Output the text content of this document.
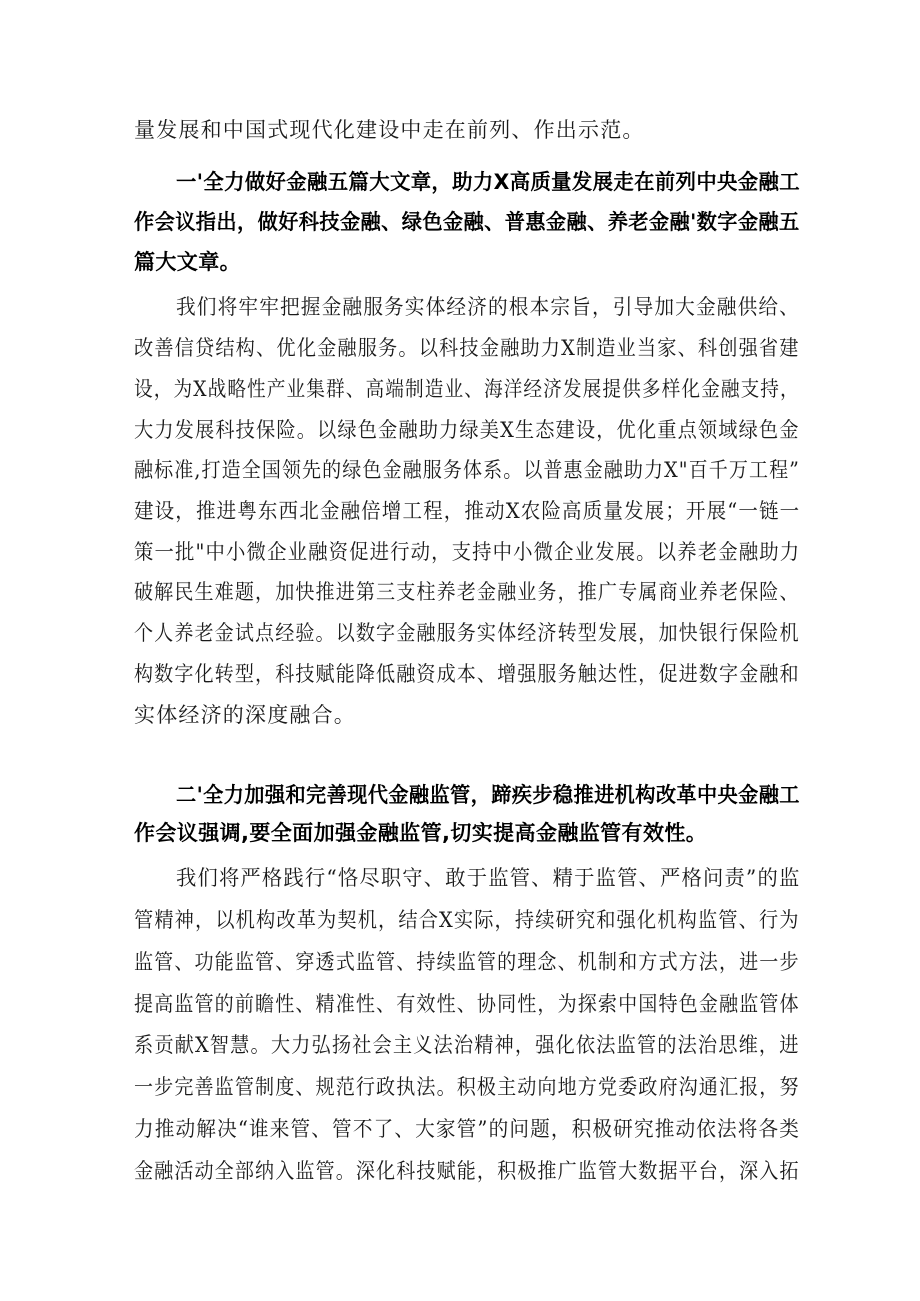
量发展和中国式现代化建设中走在前列、作出示范。
一'全力做好金融五篇大文章，助力X高质量发展走在前列中央金融工
作会议指出，做好科技金融、绿色金融、普惠金融、养老金融'数字金融五
篇大文章。
我们将牢牢把握金融服务实体经济的根本宗旨，引导加大金融供给、
改善信贷结构、优化金融服务。以科技金融助力X制造业当家、科创强省建
设，为X战略性产业集群、高端制造业、海洋经济发展提供多样化金融支持，
大力发展科技保险。以绿色金融助力绿美X生态建设，优化重点领域绿色金
融标准,打造全国领先的绿色金融服务体系。以普惠金融助力X"百千万工程”
建设，推进粤东西北金融倍增工程，推动X农险高质量发展；开展“一链一
策一批"中小微企业融资促进行动，支持中小微企业发展。以养老金融助力
破解民生难题，加快推进第三支柱养老金融业务，推广专属商业养老保险、
个人养老金试点经验。以数字金融服务实体经济转型发展，加快银行保险机
构数字化转型，科技赋能降低融资成本、增强服务触达性，促进数字金融和
实体经济的深度融合。
二'全力加强和完善现代金融监管，蹄疾步稳推进机构改革中央金融工
作会议强调,要全面加强金融监管,切实提高金融监管有效性。
我们将严格践行“恪尽职守、敢于监管、精于监管、严格问责”的监
管精神，以机构改革为契机，结合X实际，持续研究和强化机构监管、行为
监管、功能监管、穿透式监管、持续监管的理念、机制和方式方法，进一步
提高监管的前瞻性、精准性、有效性、协同性，为探索中国特色金融监管体
系贡献X智慧。大力弘扬社会主义法治精神，强化依法监管的法治思维，进
一步完善监管制度、规范行政执法。积极主动向地方党委政府沟通汇报，努
力推动解决“谁来管、管不了、大家管”的问题，积极研究推动依法将各类
金融活动全部纳入监管。深化科技赋能，积极推广监管大数据平台，深入拓
